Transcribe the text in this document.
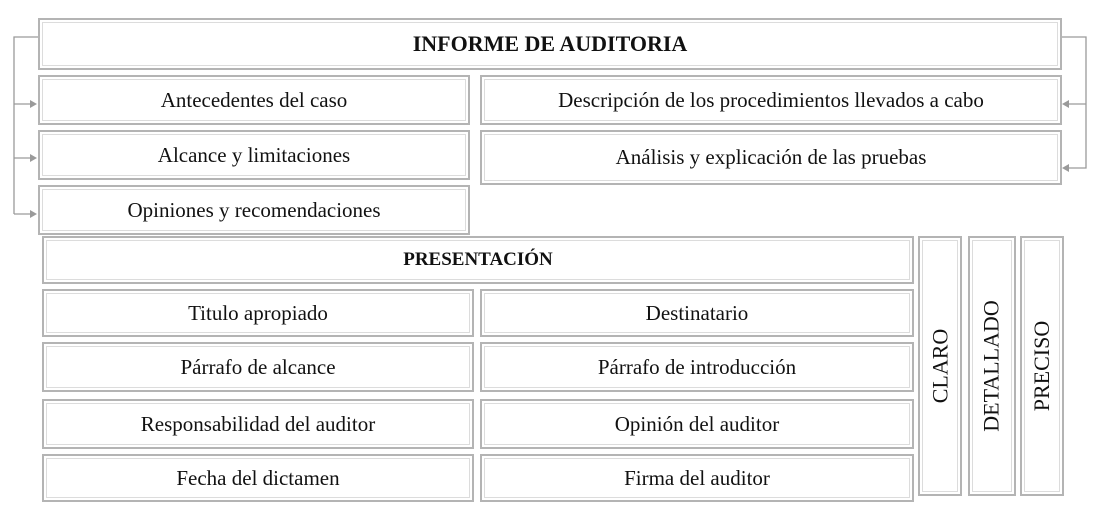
INFORME DE AUDITORIA
Antecedentes del caso
Alcance y limitaciones
Opiniones y recomendaciones
Descripción de los procedimientos llevados a cabo
Análisis y explicación de las pruebas
PRESENTACIÓN
Titulo apropiado	Destinatario
Párrafo de alcance	Párrafo de introducción
Responsabilidad del auditor	Opinión del auditor
Fecha del dictamen	Firma del auditor
CLARO DETALLADO PRECISO
